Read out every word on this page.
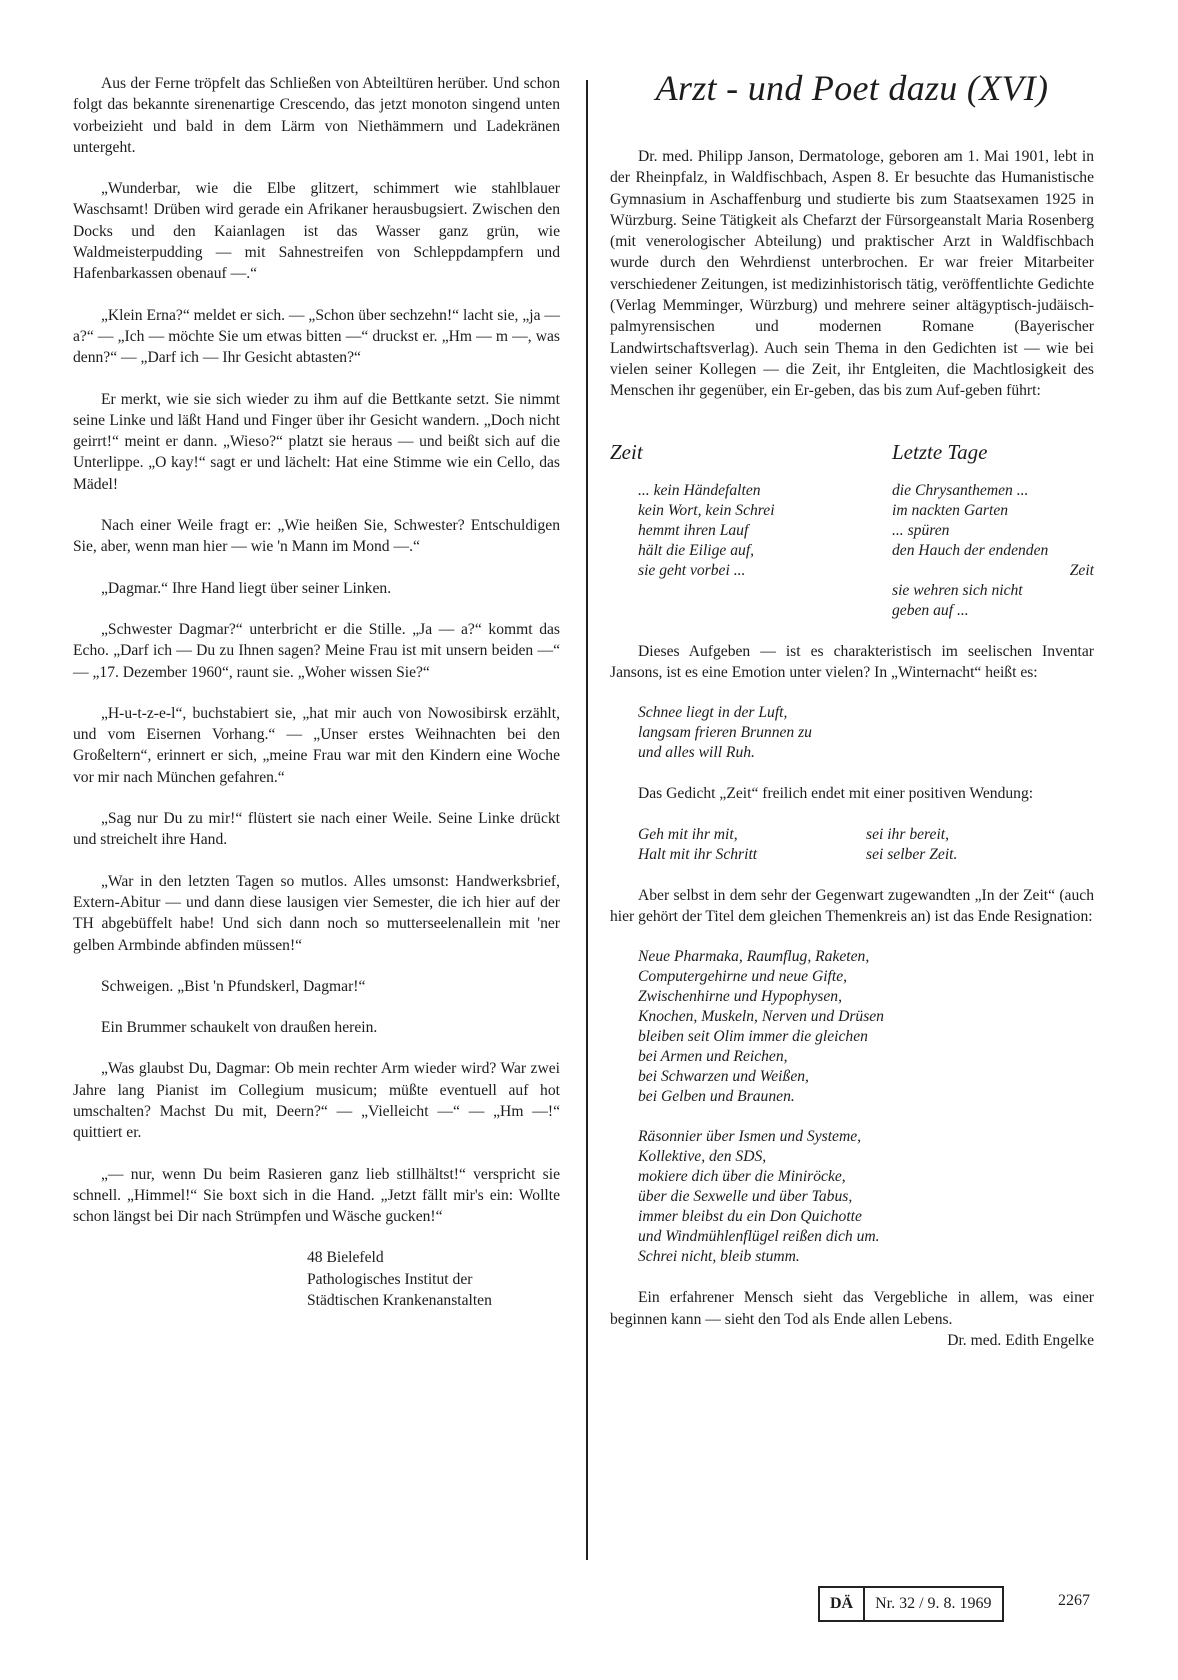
Aus der Ferne tröpfelt das Schließen von Abteiltüren herüber. Und schon folgt das bekannte sirenenartige Crescendo, das jetzt monoton singend unten vorbeizieht und bald in dem Lärm von Niethämmern und Ladekränen untergeht.

„Wunderbar, wie die Elbe glitzert, schimmert wie stahlblauer Waschsamt! Drüben wird gerade ein Afrikaner herausbugsiert. Zwischen den Docks und den Kaianlagen ist das Wasser ganz grün, wie Waldmeisterpudding — mit Sahnestreifen von Schleppdampfern und Hafenbarkassen obenauf —.“

„Klein Erna?“ meldet er sich. — „Schon über sechzehn!“ lacht sie, „ja — a?“ — „Ich — möchte Sie um etwas bitten —“ druckst er. „Hm — m —, was denn?“ — „Darf ich — Ihr Gesicht abtasten?“

Er merkt, wie sie sich wieder zu ihm auf die Bettkante setzt. Sie nimmt seine Linke und läßt Hand und Finger über ihr Gesicht wandern. „Doch nicht geirrt!“ meint er dann. „Wieso?“ platzt sie heraus — und beißt sich auf die Unterlippe. „O kay!“ sagt er und lächelt: Hat eine Stimme wie ein Cello, das Mädel!

Nach einer Weile fragt er: „Wie heißen Sie, Schwester? Entschuldigen Sie, aber, wenn man hier — wie 'n Mann im Mond —.“

„Dagmar.“ Ihre Hand liegt über seiner Linken.

„Schwester Dagmar?“ unterbricht er die Stille. „Ja — a?“ kommt das Echo. „Darf ich — Du zu Ihnen sagen? Meine Frau ist mit unsern beiden —“ — „17. Dezember 1960“, raunt sie. „Woher wissen Sie?“

„H-u-t-z-e-l“, buchstabiert sie, „hat mir auch von Nowosibirsk erzählt, und vom Eisernen Vorhang.“ — „Unser erstes Weihnachten bei den Großeltern“, erinnert er sich, „meine Frau war mit den Kindern eine Woche vor mir nach München gefahren.“

„Sag nur Du zu mir!“ flüstert sie nach einer Weile. Seine Linke drückt und streichelt ihre Hand.

„War in den letzten Tagen so mutlos. Alles umsonst: Handwerksbrief, Extern-Abitur — und dann diese lausigen vier Semester, die ich hier auf der TH abgebüffelt habe! Und sich dann noch so mutterseelenallein mit 'ner gelben Armbinde abfinden müssen!“

Schweigen. „Bist 'n Pfundskerl, Dagmar!“

Ein Brummer schaukelt von draußen herein.

„Was glaubst Du, Dagmar: Ob mein rechter Arm wieder wird? War zwei Jahre lang Pianist im Collegium musicum; müßte eventuell auf hot umschalten? Machst Du mit, Deern?“ — „Vielleicht —“ — „Hm —!“ quittiert er.

„— nur, wenn Du beim Rasieren ganz lieb stillhältst!“ verspricht sie schnell. „Himmel!“ Sie boxt sich in die Hand. „Jetzt fällt mir's ein: Wollte schon längst bei Dir nach Strümpfen und Wäsche gucken!“

48 Bielefeld
Pathologisches Institut der
Städtischen Krankenanstalten
Arzt - und Poet dazu (XVI)

Dr. med. Philipp Janson, Dermatologe, geboren am 1. Mai 1901, lebt in der Rheinpfalz, in Waldfischbach, Aspen 8. Er besuchte das Humanistische Gymnasium in Aschaffenburg und studierte bis zum Staatsexamen 1925 in Würzburg. Seine Tätigkeit als Chefarzt der Fürsorgeanstalt Maria Rosenberg (mit venerologischer Abteilung) und praktischer Arzt in Waldfischbach wurde durch den Wehrdienst unterbrochen. Er war freier Mitarbeiter verschiedener Zeitungen, ist medizinhistorisch tätig, veröffentlichte Gedichte (Verlag Memminger, Würzburg) und mehrere seiner altägyptisch-judäisch-palmyrensischen und modernen Romane (Bayerischer Landwirtschaftsverlag). Auch sein Thema in den Gedichten ist — wie bei vielen seiner Kollegen — die Zeit, ihr Entgleiten, die Machtlosigkeit des Menschen ihr gegenüber, ein Er-geben, das bis zum Auf-geben führt:

Zeit
... kein Händefalten
kein Wort, kein Schrei
hemmt ihren Lauf
hält die Eilige auf,
sie geht vorbei ...
Letzte Tage
die Chrysanthemen ...
im nackten Garten
... spüren
den Hauch der endenden
Zeit
sie wehren sich nicht
geben auf ...

Dieses Aufgeben — ist es charakteristisch im seelischen Inventar Jansons, ist es eine Emotion unter vielen? In „Winternacht“ heißt es:

Schnee liegt in der Luft,
langsam frieren Brunnen zu
und alles will Ruh.

Das Gedicht „Zeit“ freilich endet mit einer positiven Wendung:

Geh mit ihr mit,
Halt mit ihr Schritt
sei ihr bereit,
sei selber Zeit.

Aber selbst in dem sehr der Gegenwart zugewandten „In der Zeit“ (auch hier gehört der Titel dem gleichen Themenkreis an) ist das Ende Resignation:

Neue Pharmaka, Raumflug, Raketen,
Computergehirne und neue Gifte,
Zwischenhirne und Hypophysen,
Knochen, Muskeln, Nerven und Drüsen
bleiben seit Olim immer die gleichen
bei Armen und Reichen,
bei Schwarzen und Weißen,
bei Gelben und Braunen.
Räsonnier über Ismen und Systeme,
Kollektive, den SDS,
mokiere dich über die Miniröcke,
über die Sexwelle und über Tabus,
immer bleibst du ein Don Quichotte
und Windmühlenflügel reißen dich um.
Schrei nicht, bleib stumm.

Ein erfahrener Mensch sieht das Vergebliche in allem, was einer beginnen kann — sieht den Tod als Ende allen Lebens.

Dr. med. Edith Engelke
DÄ	Nr. 32 / 9. 8. 1969	2267
